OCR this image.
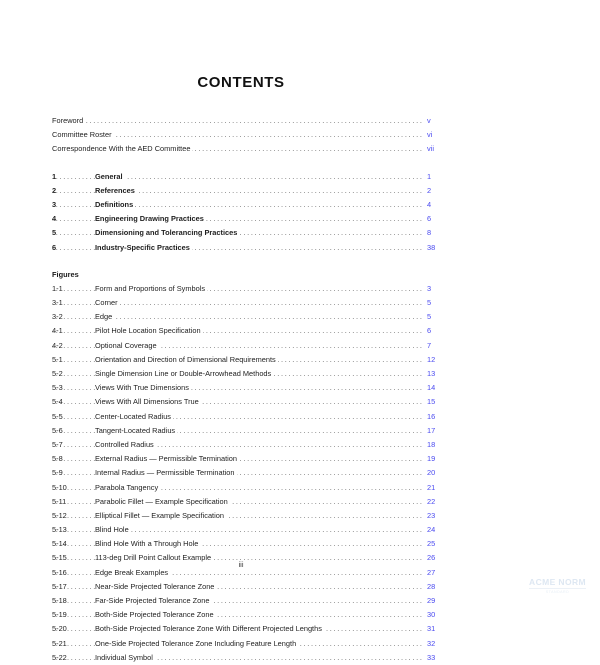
CONTENTS
.....
Foreword	v
.....
Committee Roster	vi
.....
Correspondence With the AED Committee	vii
1 .....	General	1
2 .....	References	2
3 .....	Definitions	4
4 .....	Engineering Drawing Practices	6
5 .....	Dimensioning and Tolerancing Practices	8
6 .....	Industry-Specific Practices	38
Figures
1-1 .....	Form and Proportions of Symbols	3
3-1 .....	Corner	5
3-2 .....	Edge	5
4-1 .....	Pilot Hole Location Specification	6
4-2 .....	Optional Coverage	7
5-1 .....	Orientation and Direction of Dimensional Requirements	12
5-2 .....	Single Dimension Line or Double-Arrowhead Methods	13
5-3 .....	Views With True Dimensions	14
5-4 .....	Views With All Dimensions True	15
5-5 .....	Center-Located Radius	16
5-6 .....	Tangent-Located Radius	17
5-7 .....	Controlled Radius	18
5-8 .....	External Radius — Permissible Termination	19
5-9 .....	Internal Radius — Permissible Termination	20
5-10 .....	Parabola Tangency	21
5-11 .....	Parabolic Fillet — Example Specification	22
5-12 .....	Elliptical Fillet — Example Specification	23
5-13 .....	Blind Hole	24
5-14 .....	Blind Hole With a Through Hole	25
5-15 .....	113-deg Drill Point Callout Example	26
5-16 .....	Edge Break Examples	27
5-17 .....	Near-Side Projected Tolerance Zone	28
5-18 .....	Far-Side Projected Tolerance Zone	29
5-19 .....	Both-Side Projected Tolerance Zone	30
5-20 .....	Both-Side Projected Tolerance Zone With Different Projected Lengths	31
5-21 .....	One-Side Projected Tolerance Zone Including Feature Length	32
5-22 .....	Individual Symbol	33
iii
ACME NORM
STANDARD
